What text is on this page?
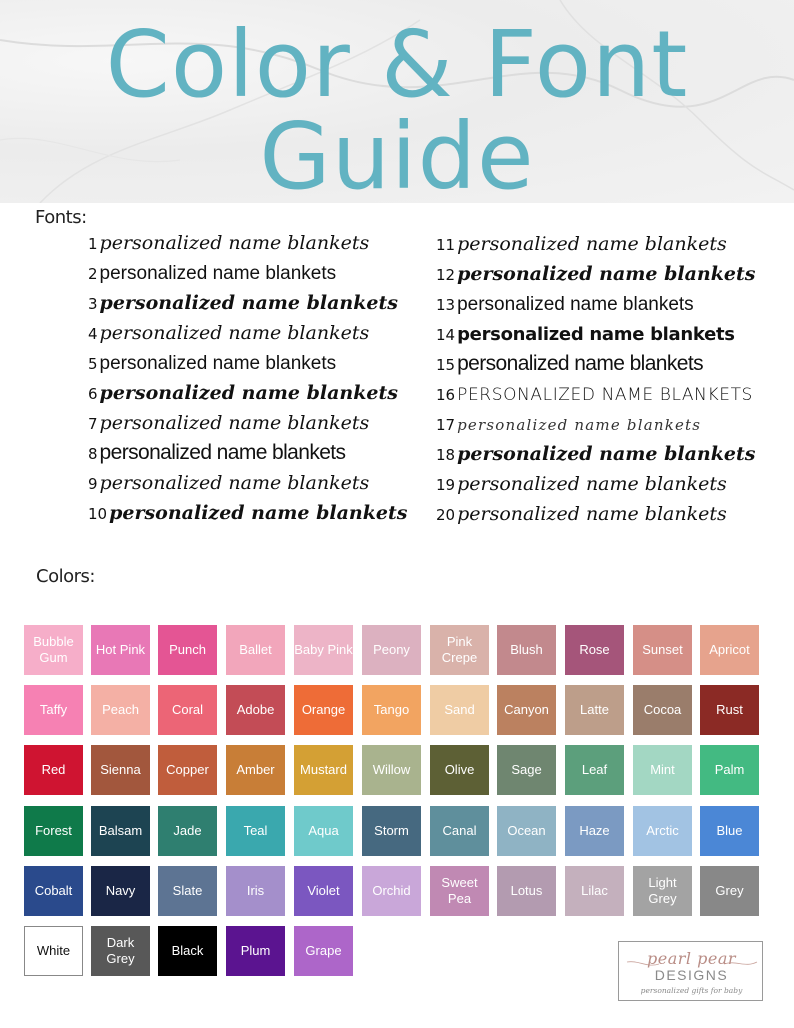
Color & Font
Guide
Fonts:
1 personalized name blankets
2 personalized name blankets
3 personalized name blankets
4 personalized name blankets
5 personalized name blankets
6 personalized name blankets
7 personalized name blankets
8personalized name blankets
9 personalized name blankets
10 personalized name blankets
11 personalized name blankets
12 personalized name blankets
13 personalized name blankets
14 personalized name blankets
15personalized name blankets
16 PERSONALIZED NAME BLANKETS
17 personalized name blankets
18 personalized name blankets
19 personalized name blankets
20 personalized name blankets
Colors:
Bubble Gum
Hot Pink	Punch	Ballet	Baby Pink	Peony
Pink Crepe
Blush	Rose	Sunset	Apricot
Taffy	Peach	Coral	Adobe	Orange	Tango	Sand	Canyon	Latte	Cocoa	Rust
Red	Sienna	Copper	Amber	Mustard	Willow	Olive	Sage	Leaf	Mint	Palm
Forest	Balsam	Jade	Teal	Aqua	Storm	Canal	Ocean	Haze	Arctic	Blue
Cobalt	Navy	Slate	Iris	Violet	Orchid
Sweet Pea
Lotus	Lilac
Light Grey
Grey
White
Dark Grey
Black	Plum	Grape	pearl pear
DESIGNS
personalized gifts for baby
